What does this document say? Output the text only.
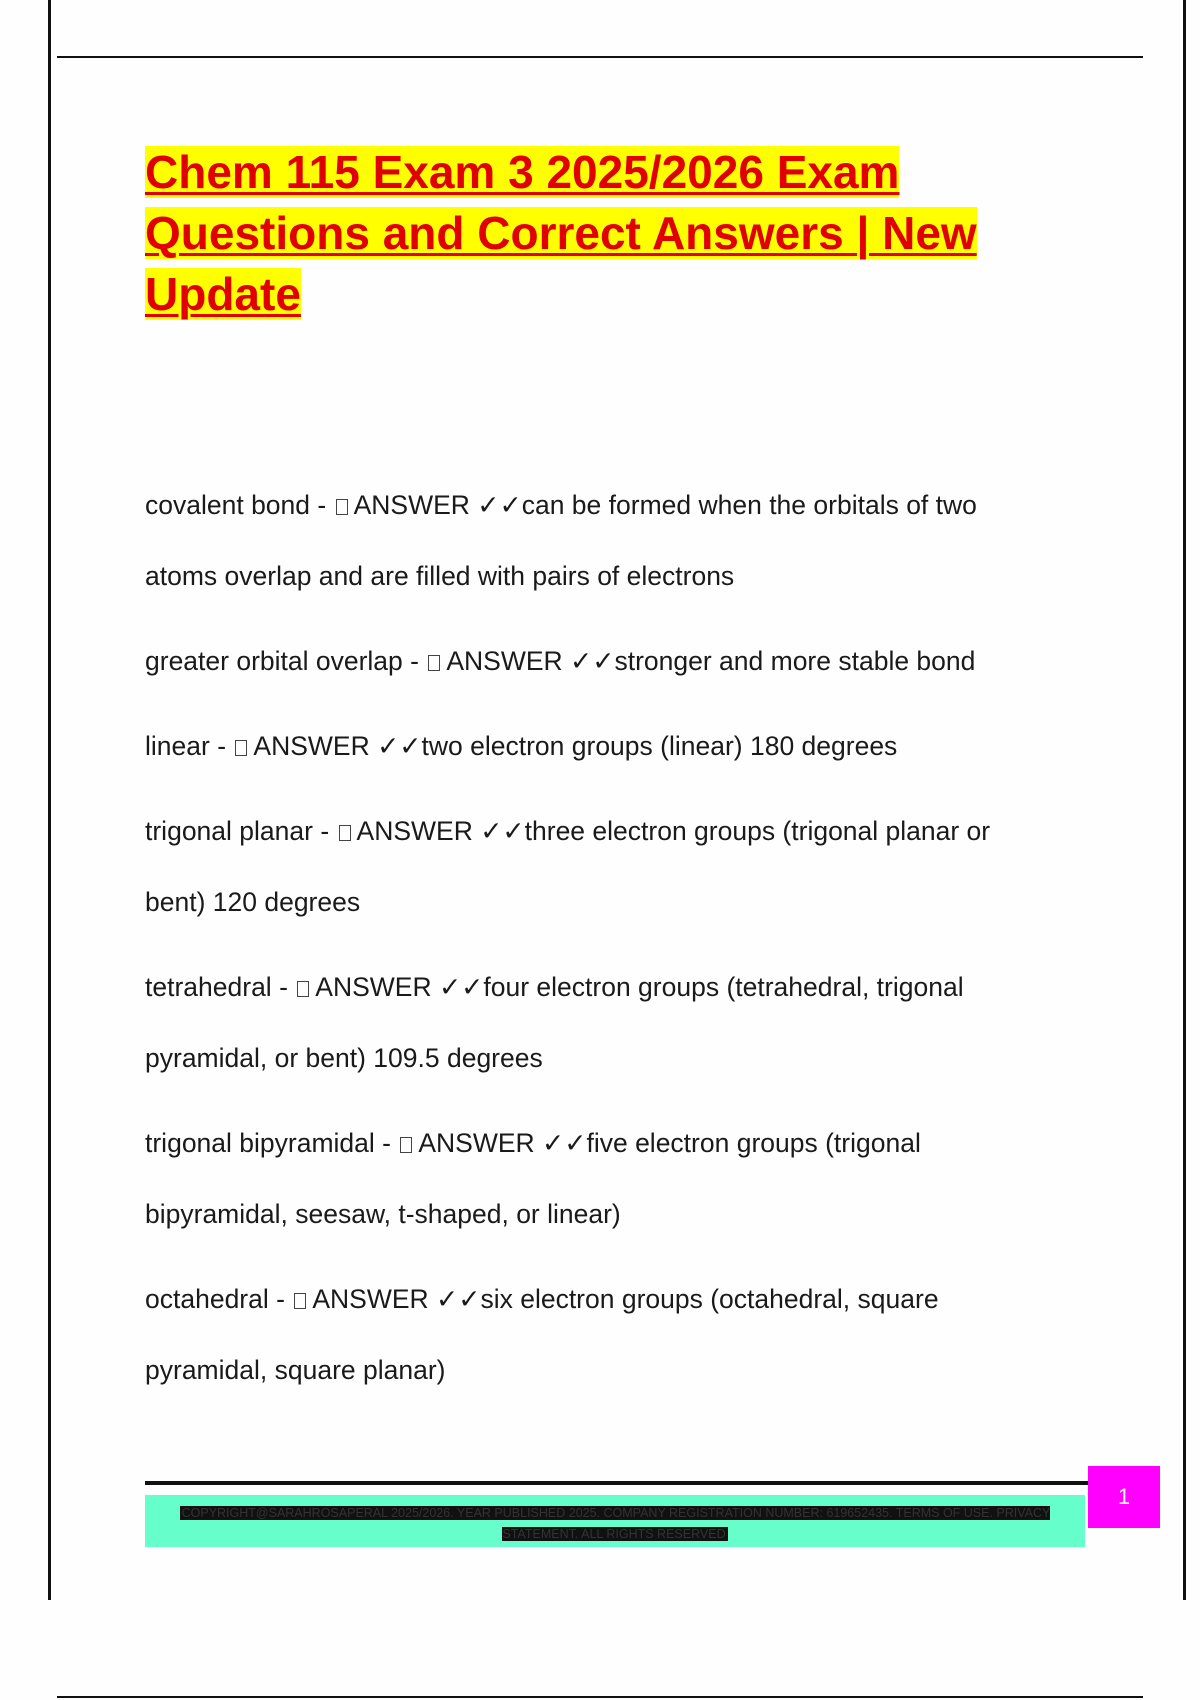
Chem 115 Exam 3 2025/2026 Exam Questions and Correct Answers | New Update

covalent bond - ANSWER ✓✓can be formed when the orbitals of two atoms overlap and are filled with pairs of electrons

greater orbital overlap - ANSWER ✓✓stronger and more stable bond

linear - ANSWER ✓✓two electron groups (linear) 180 degrees

trigonal planar - ANSWER ✓✓three electron groups (trigonal planar or bent) 120 degrees

tetrahedral - ANSWER ✓✓four electron groups (tetrahedral, trigonal pyramidal, or bent) 109.5 degrees

trigonal bipyramidal - ANSWER ✓✓five electron groups (trigonal bipyramidal, seesaw, t-shaped, or linear)

octahedral - ANSWER ✓✓six electron groups (octahedral, square pyramidal, square planar)

COPYRIGHT@SARAHROSAPERAL 2025/2026. YEAR PUBLISHED 2025. COMPANY REGISTRATION NUMBER: 619652435. TERMS OF USE. PRIVACY STATEMENT. ALL RIGHTS RESERVED
1
